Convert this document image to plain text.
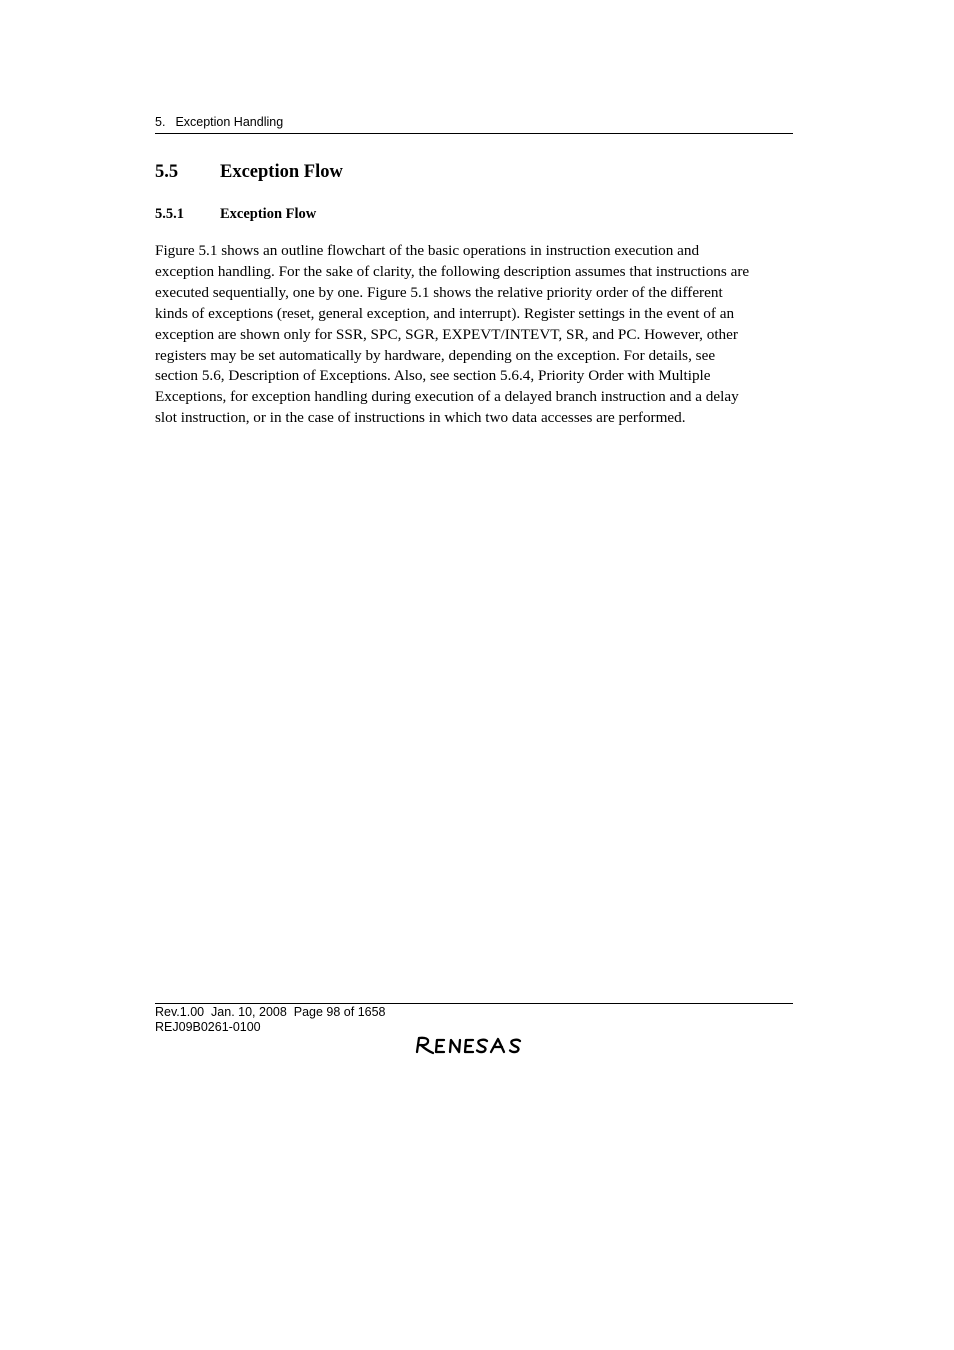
5. Exception Handling
5.5 Exception Flow
5.5.1 Exception Flow
Figure 5.1 shows an outline flowchart of the basic operations in instruction execution and
exception handling. For the sake of clarity, the following description assumes that instructions are
executed sequentially, one by one. Figure 5.1 shows the relative priority order of the different
kinds of exceptions (reset, general exception, and interrupt). Register settings in the event of an
exception are shown only for SSR, SPC, SGR, EXPEVT/INTEVT, SR, and PC. However, other
registers may be set automatically by hardware, depending on the exception. For details, see
section 5.6, Description of Exceptions. Also, see section 5.6.4, Priority Order with Multiple
Exceptions, for exception handling during execution of a delayed branch instruction and a delay
slot instruction, or in the case of instructions in which two data accesses are performed.
Rev.1.00  Jan. 10, 2008  Page 98 of 1658
REJ09B0261-0100
